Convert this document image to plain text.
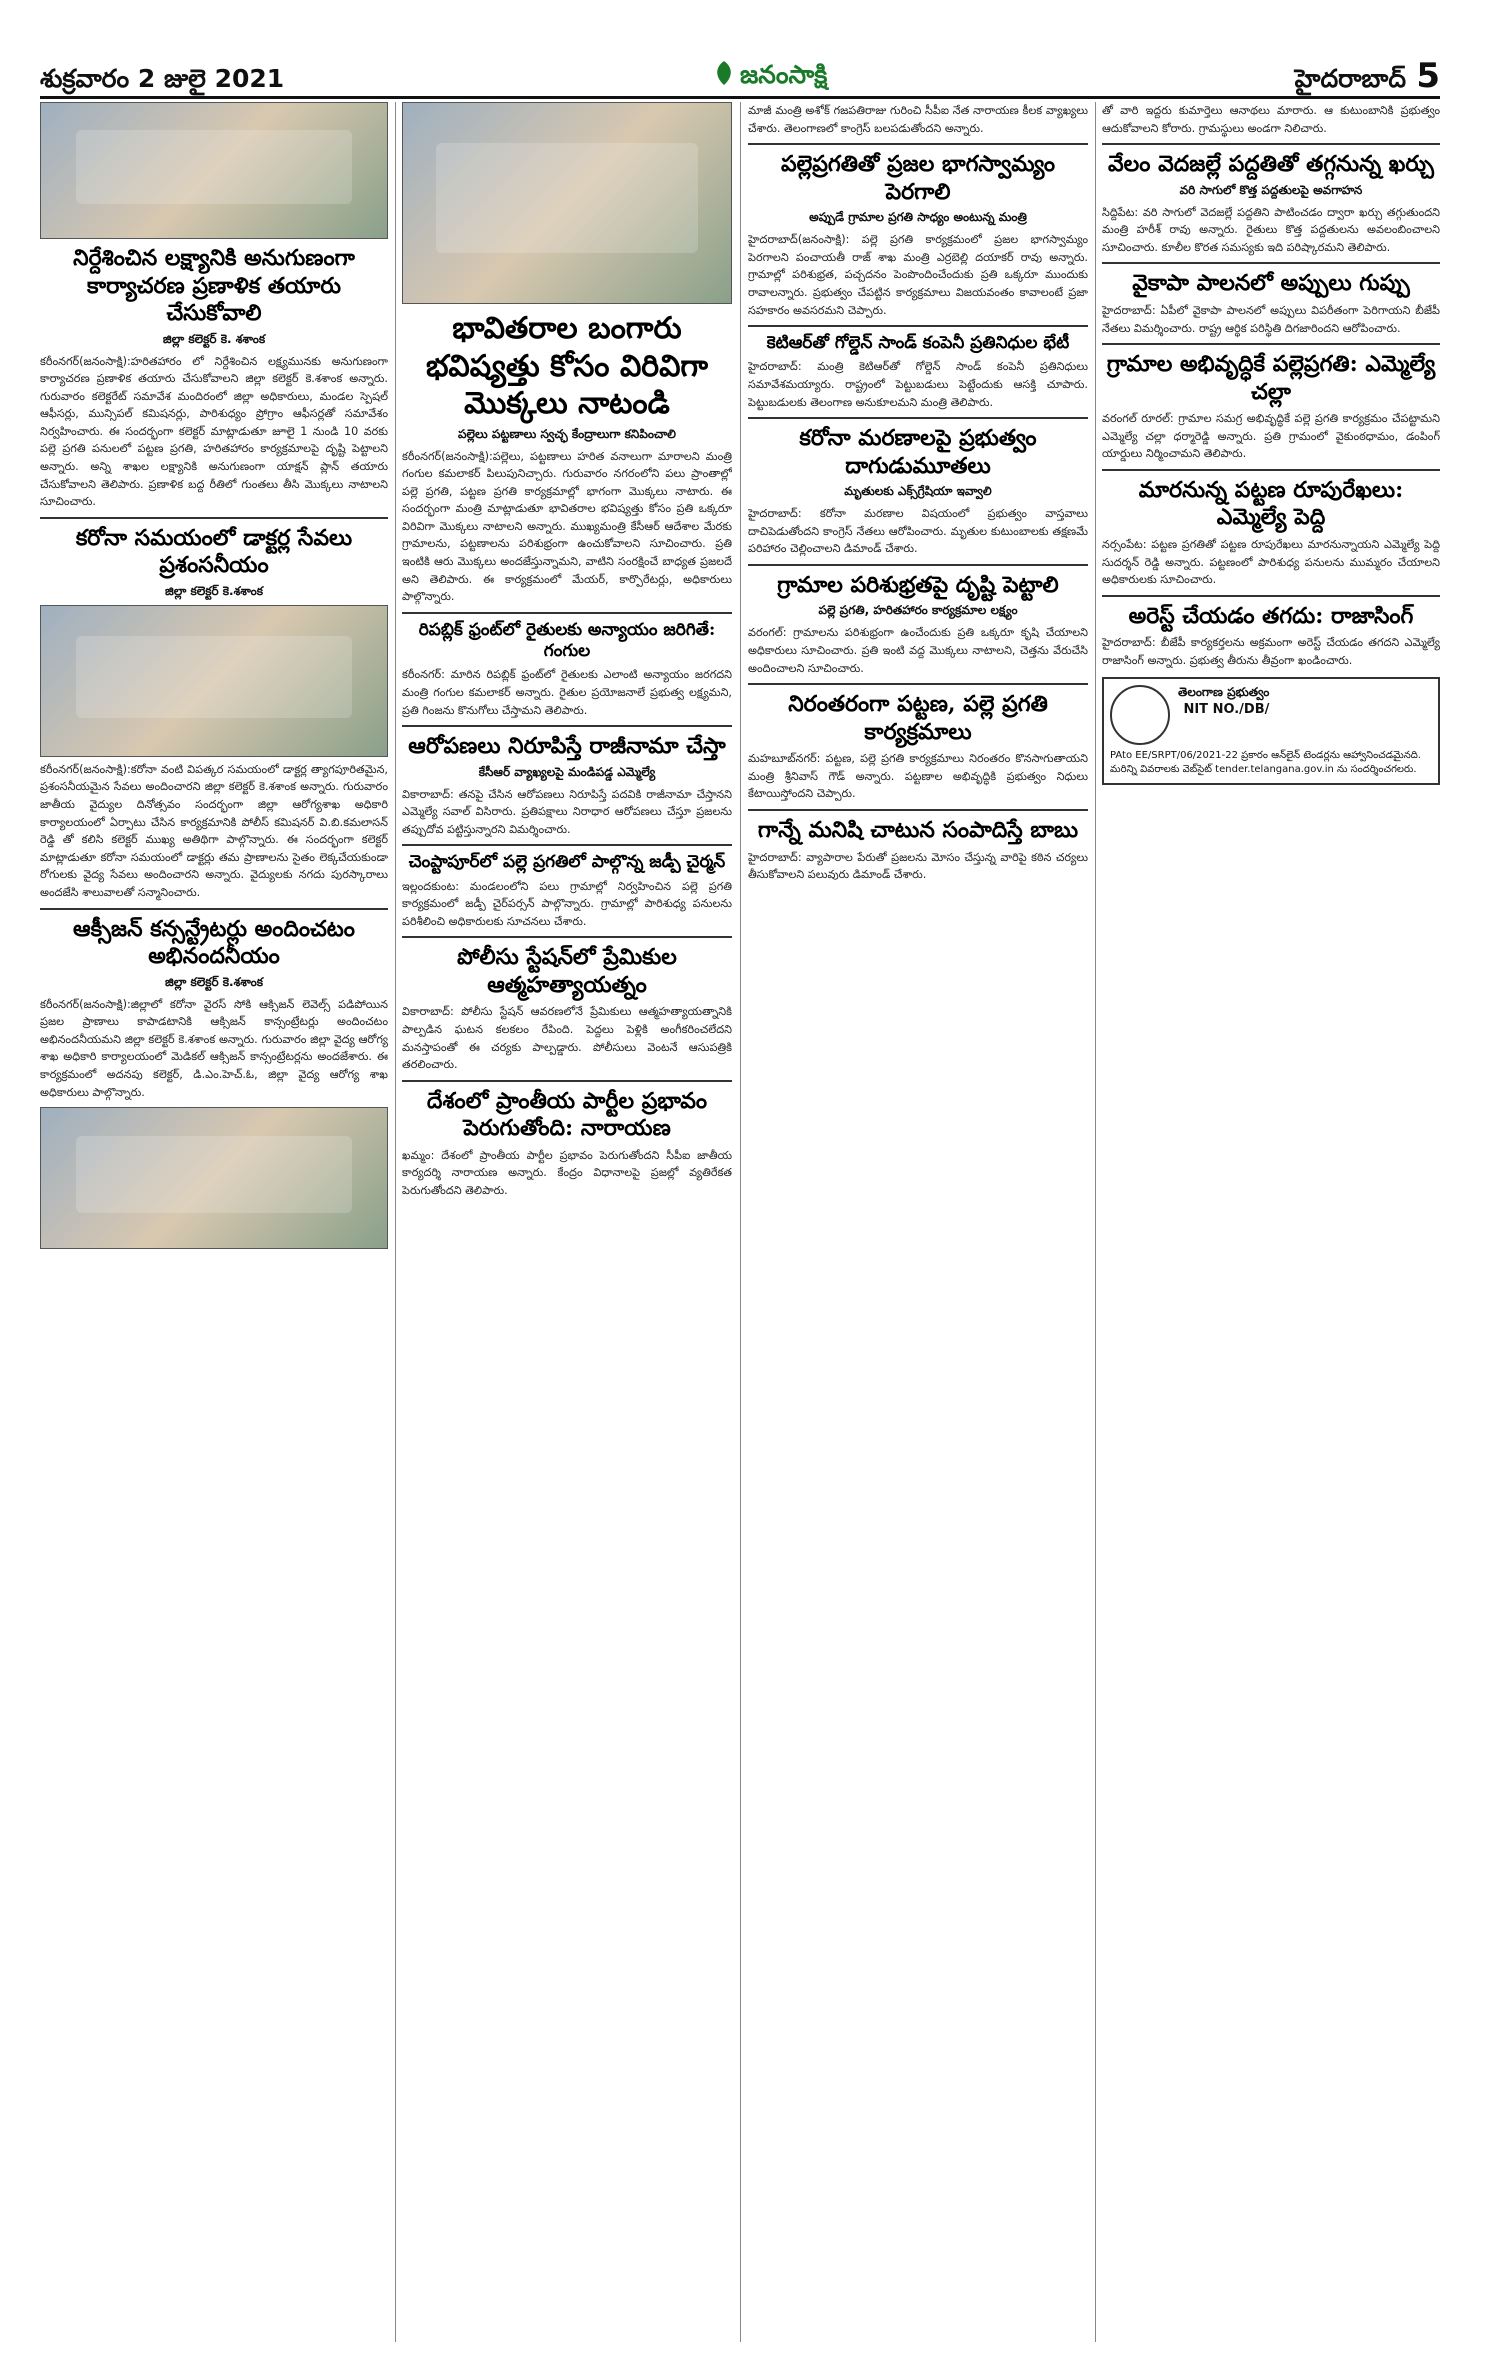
శుక్రవారం 2 జులై 2021	జనంసాక్షి	హైదరాబాద్ 5
నిర్దేశించిన లక్ష్యానికి అనుగుణంగా కార్యాచరణ ప్రణాళిక తయారు చేసుకోవాలి
జిల్లా కలెక్టర్ కె. శశాంక

కరీంనగర్(జనంసాక్షి):హరితహారం లో నిర్దేశించిన లక్ష్యమునకు అనుగుణంగా కార్యాచరణ ప్రణాళిక తయారు చేసుకోవాలని జిల్లా కలెక్టర్ కె.శశాంక అన్నారు. గురువారం కలెక్టరేట్ సమావేశ మందిరంలో జిల్లా అధికారులు, మండల స్పెషల్ ఆఫీసర్లు, మున్సిపల్ కమిషనర్లు, పారిశుధ్యం ప్రోగ్రాం ఆఫీసర్లతో సమావేశం నిర్వహించారు. ఈ సందర్భంగా కలెక్టర్ మాట్లాడుతూ జూలై 1 నుండి 10 వరకు పల్లె ప్రగతి పనులలో పట్టణ ప్రగతి, హరితహారం కార్యక్రమాలపై దృష్టి పెట్టాలని అన్నారు. అన్ని శాఖల లక్ష్యానికి అనుగుణంగా యాక్షన్ ప్లాన్ తయారు చేసుకోవాలని తెలిపారు. ప్రణాళిక బద్ద రీతిలో గుంతలు తీసి మొక్కలు నాటాలని సూచించారు.

కరోనా సమయంలో డాక్టర్ల సేవలు ప్రశంసనీయం
జిల్లా కలెక్టర్ కె.శశాంక

కరీంనగర్(జనంసాక్షి):కరోనా వంటి విపత్కర సమయంలో డాక్టర్ల త్యాగపూరితమైన, ప్రశంసనీయమైన సేవలు అందించారని జిల్లా కలెక్టర్ కె.శశాంక అన్నారు. గురువారం జాతీయ వైద్యుల దినోత్సవం సందర్భంగా జిల్లా ఆరోగ్యశాఖ అధికారి కార్యాలయంలో ఏర్పాటు చేసిన కార్యక్రమానికి పోలీస్ కమిషనర్ వి.బి.కమలాసన్ రెడ్డి తో కలిసి కలెక్టర్ ముఖ్య అతిథిగా పాల్గొన్నారు. ఈ సందర్భంగా కలెక్టర్ మాట్లాడుతూ కరోనా సమయంలో డాక్టర్లు తమ ప్రాణాలను సైతం లెక్కచేయకుండా రోగులకు వైద్య సేవలు అందించారని అన్నారు. వైద్యులకు నగదు పురస్కారాలు అందజేసి శాలువాలతో సన్మానించారు.

ఆక్సీజన్ కన్సన్ట్రేటర్లు అందించటం అభినందనీయం
జిల్లా కలెక్టర్ కె.శశాంక

కరీంనగర్(జనంసాక్షి):జిల్లాలో కరోనా వైరస్ సోకి ఆక్సిజన్ లెవెల్స్ పడిపోయిన ప్రజల ప్రాణాలు కాపాడటానికి ఆక్సిజన్ కాన్సంట్రేటర్లు అందించటం అభినందనీయమని జిల్లా కలెక్టర్ కె.శశాంక అన్నారు. గురువారం జిల్లా వైద్య ఆరోగ్య శాఖ అధికారి కార్యాలయంలో మెడికల్ ఆక్సిజన్ కాన్సంట్రేటర్లను అందజేశారు. ఈ కార్యక్రమంలో అదనపు కలెక్టర్, డి.ఎం.హెచ్.ఓ, జిల్లా వైద్య ఆరోగ్య శాఖ అధికారులు పాల్గొన్నారు.

భావితరాల బంగారు భవిష్యత్తు కోసం విరివిగా మొక్కలు నాటండి
పల్లెలు పట్టణాలు స్వచ్ఛ కేంద్రాలుగా కనిపించాలి

కరీంనగర్(జనంసాక్షి):పల్లెలు, పట్టణాలు హరిత వనాలుగా మారాలని మంత్రి గంగుల కమలాకర్ పిలుపునిచ్చారు. గురువారం నగరంలోని పలు ప్రాంతాల్లో పల్లె ప్రగతి, పట్టణ ప్రగతి కార్యక్రమాల్లో భాగంగా మొక్కలు నాటారు. ఈ సందర్భంగా మంత్రి మాట్లాడుతూ భావితరాల భవిష్యత్తు కోసం ప్రతి ఒక్కరూ విరివిగా మొక్కలు నాటాలని అన్నారు. ముఖ్యమంత్రి కేసీఆర్ ఆదేశాల మేరకు గ్రామాలను, పట్టణాలను పరిశుభ్రంగా ఉంచుకోవాలని సూచించారు. ప్రతి ఇంటికి ఆరు మొక్కలు అందజేస్తున్నామని, వాటిని సంరక్షించే బాధ్యత ప్రజలదే అని తెలిపారు. ఈ కార్యక్రమంలో మేయర్, కార్పొరేటర్లు, అధికారులు పాల్గొన్నారు.

రిపబ్లిక్ ఫ్రంట్‌లో రైతులకు అన్యాయం జరిగితే: గంగుల

కరీంనగర్: మారిన రిపబ్లిక్ ఫ్రంట్‌లో రైతులకు ఎలాంటి అన్యాయం జరగదని మంత్రి గంగుల కమలాకర్ అన్నారు. రైతుల ప్రయోజనాలే ప్రభుత్వ లక్ష్యమని, ప్రతి గింజను కొనుగోలు చేస్తామని తెలిపారు.

ఆరోపణలు నిరూపిస్తే రాజీనామా చేస్తా
కేసీఆర్ వ్యాఖ్యలపై మండిపడ్డ ఎమ్మెల్యే

వికారాబాద్: తనపై చేసిన ఆరోపణలు నిరూపిస్తే పదవికి రాజీనామా చేస్తానని ఎమ్మెల్యే సవాల్ విసిరారు. ప్రతిపక్షాలు నిరాధార ఆరోపణలు చేస్తూ ప్రజలను తప్పుదోవ పట్టిస్తున్నారని విమర్శించారు.

చెంప్టాపూర్‌లో పల్లె ప్రగతిలో పాల్గొన్న జడ్పీ చైర్మన్

ఇల్లందకుంట: మండలంలోని పలు గ్రామాల్లో నిర్వహించిన పల్లె ప్రగతి కార్యక్రమంలో జడ్పీ చైర్‌పర్సన్ పాల్గొన్నారు. గ్రామాల్లో పారిశుధ్య పనులను పరిశీలించి అధికారులకు సూచనలు చేశారు.

పోలీసు స్టేషన్‌లో ప్రేమికుల ఆత్మహత్యాయత్నం

వికారాబాద్: పోలీసు స్టేషన్ ఆవరణలోనే ప్రేమికులు ఆత్మహత్యాయత్నానికి పాల్పడిన ఘటన కలకలం రేపింది. పెద్దలు పెళ్లికి అంగీకరించలేదని మనస్తాపంతో ఈ చర్యకు పాల్పడ్డారు. పోలీసులు వెంటనే ఆసుపత్రికి తరలించారు.

దేశంలో ప్రాంతీయ పార్టీల ప్రభావం పెరుగుతోంది: నారాయణ

ఖమ్మం: దేశంలో ప్రాంతీయ పార్టీల ప్రభావం పెరుగుతోందని సీపీఐ జాతీయ కార్యదర్శి నారాయణ అన్నారు. కేంద్రం విధానాలపై ప్రజల్లో వ్యతిరేకత పెరుగుతోందని తెలిపారు.

మాజీ మంత్రి అశోక్ గజపతిరాజు గురించి సీపీఐ నేత నారాయణ కీలక వ్యాఖ్యలు చేశారు. తెలంగాణలో కాంగ్రెస్ బలపడుతోందని అన్నారు.

పల్లెప్రగతితో ప్రజల భాగస్వామ్యం పెరగాలి
అప్పుడే గ్రామాల ప్రగతి సాధ్యం అంటున్న మంత్రి

హైదరాబాద్(జనంసాక్షి): పల్లె ప్రగతి కార్యక్రమంలో ప్రజల భాగస్వామ్యం పెరగాలని పంచాయతీ రాజ్ శాఖ మంత్రి ఎర్రబెల్లి దయాకర్ రావు అన్నారు. గ్రామాల్లో పరిశుభ్రత, పచ్చదనం పెంపొందించేందుకు ప్రతి ఒక్కరూ ముందుకు రావాలన్నారు. ప్రభుత్వం చేపట్టిన కార్యక్రమాలు విజయవంతం కావాలంటే ప్రజా సహకారం అవసరమని చెప్పారు.

కెటిఆర్‌తో గోల్డెన్ సాండ్ కంపెనీ ప్రతినిధుల భేటీ

హైదరాబాద్: మంత్రి కెటిఆర్‌తో గోల్డెన్ సాండ్ కంపెనీ ప్రతినిధులు సమావేశమయ్యారు. రాష్ట్రంలో పెట్టుబడులు పెట్టేందుకు ఆసక్తి చూపారు. పెట్టుబడులకు తెలంగాణ అనుకూలమని మంత్రి తెలిపారు.

కరోనా మరణాలపై ప్రభుత్వం దాగుడుమూతలు
మృతులకు ఎక్స్‌గ్రేషియా ఇవ్వాలి

హైదరాబాద్: కరోనా మరణాల విషయంలో ప్రభుత్వం వాస్తవాలు దాచిపెడుతోందని కాంగ్రెస్ నేతలు ఆరోపించారు. మృతుల కుటుంబాలకు తక్షణమే పరిహారం చెల్లించాలని డిమాండ్ చేశారు.

గ్రామాల పరిశుభ్రతపై దృష్టి పెట్టాలి
పల్లె ప్రగతి, హరితహారం కార్యక్రమాల లక్ష్యం

వరంగల్: గ్రామాలను పరిశుభ్రంగా ఉంచేందుకు ప్రతి ఒక్కరూ కృషి చేయాలని అధికారులు సూచించారు. ప్రతి ఇంటి వద్ద మొక్కలు నాటాలని, చెత్తను వేరుచేసి అందించాలని సూచించారు.

నిరంతరంగా పట్టణ, పల్లె ప్రగతి కార్యక్రమాలు

మహబూబ్‌నగర్: పట్టణ, పల్లె ప్రగతి కార్యక్రమాలు నిరంతరం కొనసాగుతాయని మంత్రి శ్రీనివాస్ గౌడ్ అన్నారు. పట్టణాల అభివృద్ధికి ప్రభుత్వం నిధులు కేటాయిస్తోందని చెప్పారు.

గాన్నే మనిషి చాటున సంపాదిస్తే బాబు

హైదరాబాద్: వ్యాపారాల పేరుతో ప్రజలను మోసం చేస్తున్న వారిపై కఠిన చర్యలు తీసుకోవాలని పలువురు డిమాండ్ చేశారు.

తో వారి ఇద్దరు కుమార్తెలు ఆనాథలు మారారు. ఆ కుటుంబానికి ప్రభుత్వం ఆదుకోవాలని కోరారు. గ్రామస్థులు అండగా నిలిచారు.

వేలం వెదజల్లే పద్దతితో తగ్గనున్న ఖర్చు
వరి సాగులో కొత్త పద్దతులపై అవగాహన

సిద్దిపేట: వరి సాగులో వెదజల్లే పద్దతిని పాటించడం ద్వారా ఖర్చు తగ్గుతుందని మంత్రి హరీశ్ రావు అన్నారు. రైతులు కొత్త పద్దతులను అవలంబించాలని సూచించారు. కూలీల కొరత సమస్యకు ఇది పరిష్కారమని తెలిపారు.

వైకాపా పాలనలో అప్పులు గుప్పు

హైదరాబాద్: ఏపీలో వైకాపా పాలనలో అప్పులు విపరీతంగా పెరిగాయని బీజేపీ నేతలు విమర్శించారు. రాష్ట్ర ఆర్థిక పరిస్థితి దిగజారిందని ఆరోపించారు.

గ్రామాల అభివృద్ధికే పల్లెప్రగతి: ఎమ్మెల్యే చల్లా

వరంగల్ రూరల్: గ్రామాల సమగ్ర అభివృద్ధికే పల్లె ప్రగతి కార్యక్రమం చేపట్టామని ఎమ్మెల్యే చల్లా ధర్మారెడ్డి అన్నారు. ప్రతి గ్రామంలో వైకుంఠధామం, డంపింగ్ యార్డులు నిర్మించామని తెలిపారు.

మారనున్న పట్టణ రూపురేఖలు: ఎమ్మెల్యే పెద్ది

నర్సంపేట: పట్టణ ప్రగతితో పట్టణ రూపురేఖలు మారనున్నాయని ఎమ్మెల్యే పెద్ది సుదర్శన్ రెడ్డి అన్నారు. పట్టణంలో పారిశుధ్య పనులను ముమ్మరం చేయాలని అధికారులకు సూచించారు.

అరెస్ట్ చేయడం తగదు: రాజాసింగ్

హైదరాబాద్: బీజేపీ కార్యకర్తలను అక్రమంగా అరెస్ట్ చేయడం తగదని ఎమ్మెల్యే రాజాసింగ్ అన్నారు. ప్రభుత్వ తీరును తీవ్రంగా ఖండించారు.

తెలంగాణ ప్రభుత్వం
NIT NO./DB/
PAto EE/SRPT/06/2021-22 ప్రకారం ఆన్‌లైన్ టెండర్లను ఆహ్వానించడమైనది. మరిన్ని వివరాలకు వెబ్‌సైట్ tender.telangana.gov.in ను సందర్శించగలరు.
